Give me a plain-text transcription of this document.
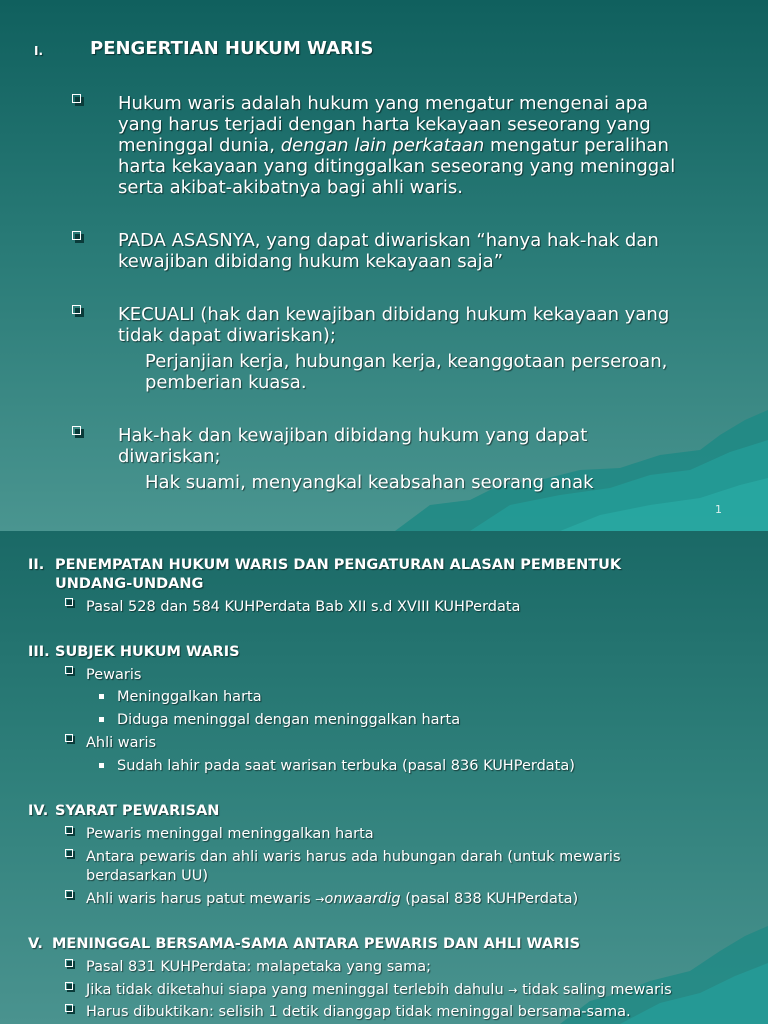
I.	PENGERTIAN HUKUM WARIS
Hukum waris adalah hukum yang mengatur mengenai apa
yang harus terjadi dengan harta kekayaan seseorang yang
meninggal dunia, dengan lain perkataan mengatur peralihan
harta kekayaan yang ditinggalkan seseorang yang meninggal
serta akibat-akibatnya bagi ahli waris.
PADA ASASNYA, yang dapat diwariskan “hanya hak-hak dan
kewajiban dibidang hukum kekayaan saja”
KECUALI (hak dan kewajiban dibidang hukum kekayaan yang
tidak dapat diwariskan);
Perjanjian kerja, hubungan kerja, keanggotaan perseroan,
pemberian kuasa.
Hak-hak dan kewajiban dibidang hukum yang dapat
diwariskan;
Hak suami, menyangkal keabsahan seorang anak
1
II. PENEMPATAN HUKUM WARIS DAN PENGATURAN ALASAN PEMBENTUK
UNDANG-UNDANG
Pasal 528 dan 584 KUHPerdata Bab XII s.d XVIII KUHPerdata
III. SUBJEK HUKUM WARIS
Pewaris
Meninggalkan harta
Diduga meninggal dengan meninggalkan harta
Ahli waris
Sudah lahir pada saat warisan terbuka (pasal 836 KUHPerdata)
IV. SYARAT PEWARISAN
Pewaris meninggal meninggalkan harta
Antara pewaris dan ahli waris harus ada hubungan darah (untuk mewaris
berdasarkan UU)
Ahli waris harus patut mewaris →onwaardig (pasal 838 KUHPerdata)
V. MENINGGAL BERSAMA-SAMA ANTARA PEWARIS DAN AHLI WARIS
Pasal 831 KUHPerdata: malapetaka yang sama;
Jika tidak diketahui siapa yang meninggal terlebih dahulu → tidak saling mewaris
Harus dibuktikan: selisih 1 detik dianggap tidak meninggal bersama-sama.
